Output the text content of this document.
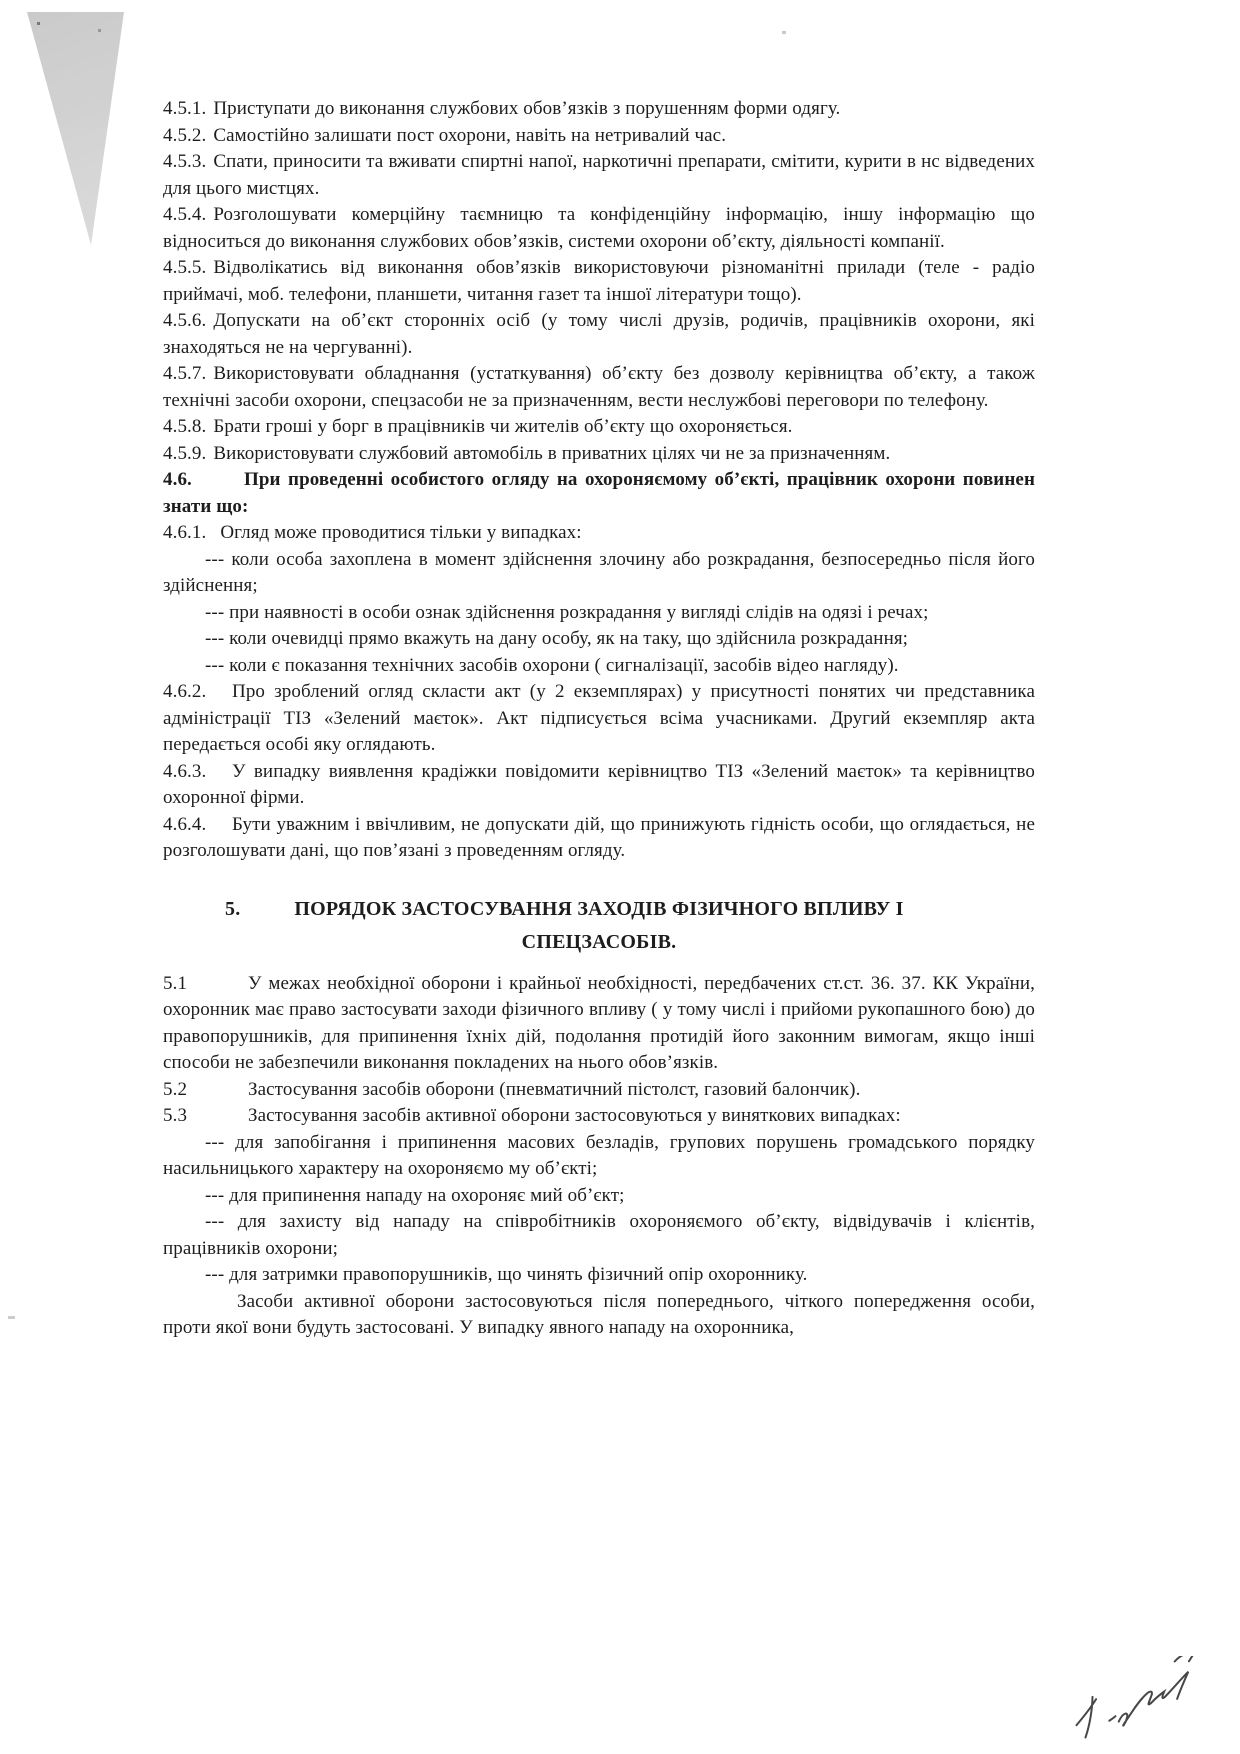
4.5.1. Приступати до виконання службових обов’язків з порушенням форми одягу.

4.5.2. Самостійно залишати пост охорони, навіть на нетривалий час.

4.5.3. Спати, приносити та вживати спиртні напої, наркотичні препарати, смітити, курити в нс відведених для цього мистцях.

4.5.4. Розголошувати комерційну таємницю та конфіденційну інформацію, іншу інформацію що відноситься до виконання службових обов’язків, системи охорони об’єкту, діяльності компанії.

4.5.5. Відволікатись від виконання обов’язків використовуючи різноманітні прилади (теле - радіо приймачі, моб. телефони, планшети, читання газет та іншої літератури тощо).

4.5.6. Допускати на об’єкт сторонніх осіб (у тому числі друзів, родичів, працівників охорони, які знаходяться не на чергуванні).

4.5.7. Використовувати обладнання (устаткування) об’єкту без дозволу керівництва об’єкту, а також технічні засоби охорони, спецзасоби не за призначенням, вести неслужбові переговори по телефону.

4.5.8. Брати гроші у борг в працівників чи жителів об’єкту що охороняється.

4.5.9. Використовувати службовий автомобіль в приватних цілях чи не за призначенням.

4.6.	При проведенні особистого огляду на охороняємому об’єкті, працівник охорони повинен знати що:

4.6.1. Огляд може проводитися тільки у випадках:

--- коли особа захоплена в момент здійснення злочину або розкрадання, безпосередньо після його здійснення;

--- при наявності в особи ознак здійснення розкрадання у вигляді слідів на одязі і речах;

--- коли очевидці прямо вкажуть на дану особу, як на таку, що здійснила розкрадання;

--- коли є показання технічних засобів охорони ( сигналізації, засобів відео нагляду).

4.6.2. Про зроблений огляд скласти акт (у 2 екземплярах) у присутності понятих чи представника адміністрації ТІЗ «Зелений маєток». Акт підписується всіма учасниками. Другий екземпляр акта передається особі яку оглядають.

4.6.3. У випадку виявлення крадіжки повідомити керівництво ТІЗ «Зелений маєток» та керівництво охоронної фірми.

4.6.4. Бути уважним і ввічливим, не допускати дій, що принижують гідність особи, що оглядається, не розголошувати дані, що пов’язані з проведенням огляду.

5.	ПОРЯДОК ЗАСТОСУВАННЯ ЗАХОДІВ ФІЗИЧНОГО ВПЛИВУ І
СПЕЦЗАСОБІВ.

5.1	У межах необхідної оборони і крайньої необхідності, передбачених ст.ст. 36. 37. КК України, охоронник має право застосувати заходи фізичного впливу ( у тому числі і прийоми рукопашного бою) до правопорушників, для припинення їхніх дій, подолання протидій його законним вимогам, якщо інші способи не забезпечили виконання покладених на нього обов’язків.

5.2	Застосування засобів оборони (пневматичний пістолст, газовий балончик).

5.3	Застосування засобів активної оборони застосовуються у виняткових випадках:

--- для запобігання і припинення масових безладів, групових порушень громадського порядку насильницького характеру на охороняємо му об’єкті;

--- для припинення нападу на охороняє мий об’єкт;

--- для захисту від нападу на співробітників охороняємого об’єкту, відвідувачів і клієнтів, працівників охорони;

--- для затримки правопорушників, що чинять фізичний опір охороннику.

Засоби активної оборони застосовуються після попереднього, чіткого попередження особи, проти якої вони будуть застосовані. У випадку явного нападу на охоронника,
